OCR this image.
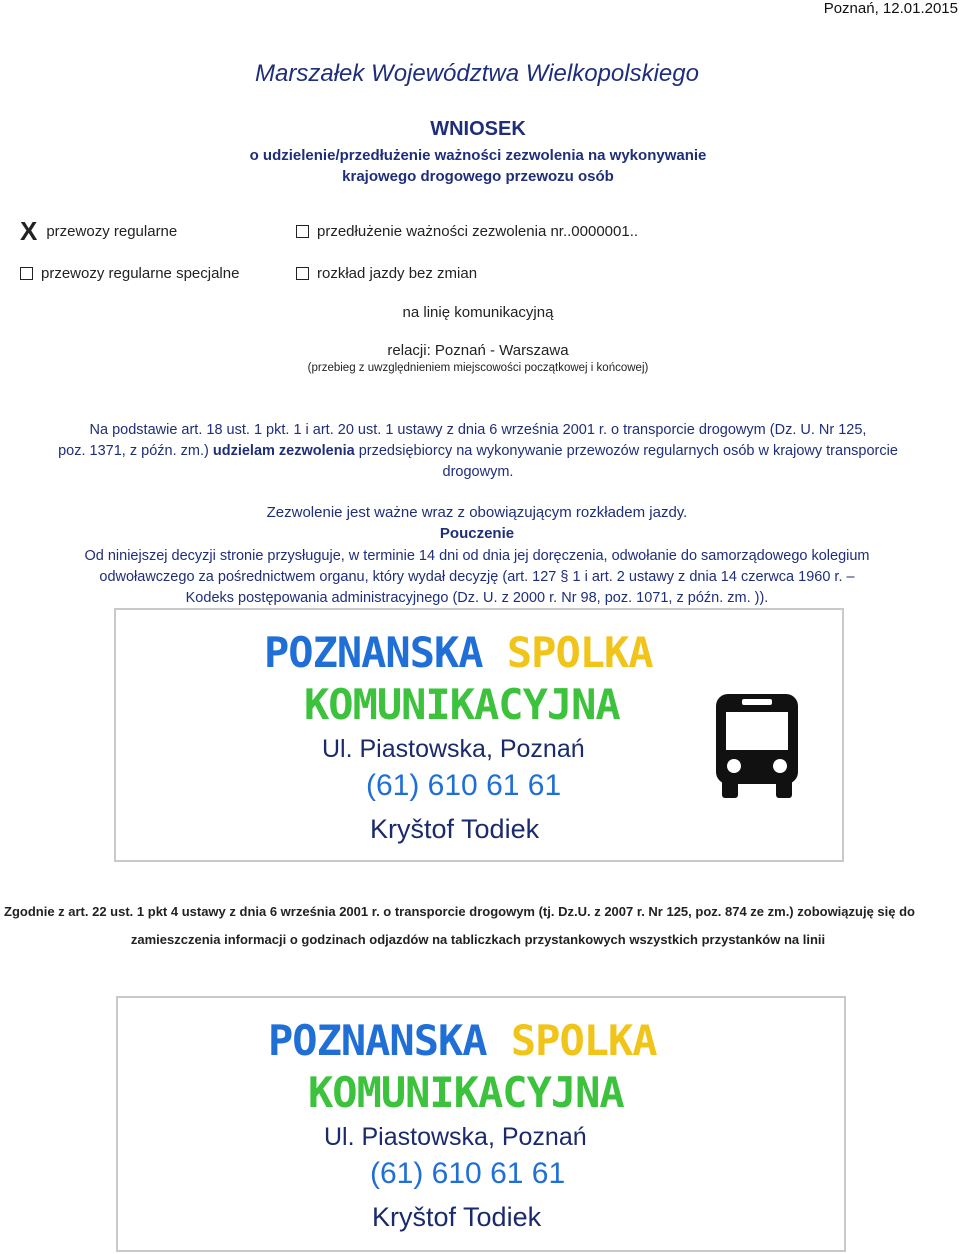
Poznań, 12.01.2015
Marszałek Województwa Wielkopolskiego
WNIOSEK
o udzielenie/przedłużenie ważności zezwolenia na wykonywanie
krajowego drogowego przewozu osób
X przewozy regularne	przedłużenie ważności zezwolenia nr..0000001..
przewozy regularne specjalne	rozkład jazdy bez zmian
na linię komunikacyjną
relacji: Poznań - Warszawa
(przebieg z uwzględnieniem miejscowości początkowej i końcowej)
Na podstawie art. 18 ust. 1 pkt. 1 i art. 20 ust. 1 ustawy z dnia 6 września 2001 r. o transporcie drogowym (Dz. U. Nr 125,
poz. 1371, z późn. zm.) udzielam zezwolenia przedsiębiorcy na wykonywanie przewozów regularnych osób w krajowy transporcie
drogowym.
Zezwolenie jest ważne wraz z obowiązującym rozkładem jazdy.
Pouczenie
Od niniejszej decyzji stronie przysługuje, w terminie 14 dni od dnia jej doręczenia, odwołanie do samorządowego kolegium
odwoławczego za pośrednictwem organu, który wydał decyzję (art. 127 § 1 i art. 2 ustawy z dnia 14 czerwca 1960 r. –
Kodeks postępowania administracyjnego (Dz. U. z 2000 r. Nr 98, poz. 1071, z późn. zm. )).
POZNANSKA SPOLKA
KOMUNIKACYJNA
Ul. Piastowska, Poznań
(61) 610 61 61
Kryštof Todiek
Zgodnie z art. 22 ust. 1 pkt 4 ustawy z dnia 6 września 2001 r. o transporcie drogowym (tj. Dz.U. z 2007 r. Nr 125, poz. 874 ze zm.) zobowiązuję się do
zamieszczenia informacji o godzinach odjazdów na tabliczkach przystankowych wszystkich przystanków na linii
POZNANSKA SPOLKA
KOMUNIKACYJNA
Ul. Piastowska, Poznań
(61) 610 61 61
Kryštof Todiek
